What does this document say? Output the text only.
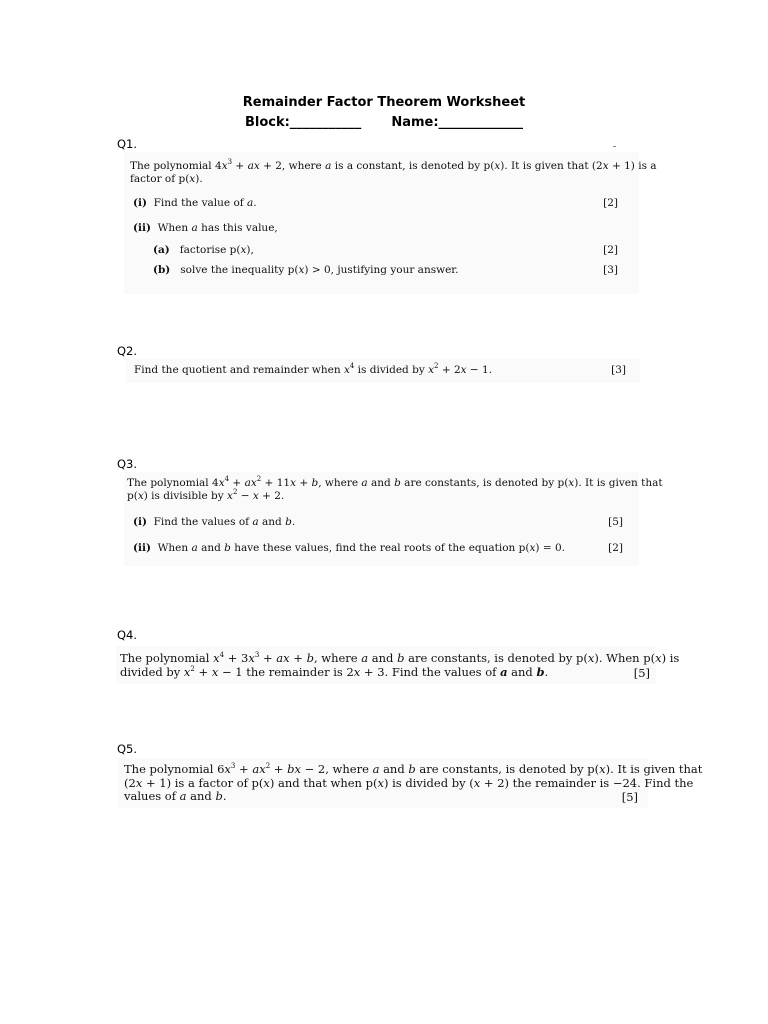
Remainder Factor Theorem Worksheet
Block:___________ Name:_____________
Q1.
The polynomial $4x^3$ + ax + 2, where a is a constant, is denoted by p(x). It is given that (2x + 1) is a
factor of p(x).
(i)  Find the value of a.	[2]
(ii)  When a has this value,
(a)   factorise p(x),	[2]
(b)   solve the inequality p(x) > 0, justifying your answer.	[3]
Q2.
Find the quotient and remainder when $x^4$ is divided by $x^2 + 2x - 1$.	[3]
Q3.
The polynomial $4x^4 + ax^2 + 11x + b$, where a and b are constants, is denoted by p(x). It is given that
p(x) is divisible by $x^2 - x + 2$.
(i)  Find the values of a and b.	[5]
(ii)  When a and b have these values, find the real roots of the equation p(x) = 0.	[2]
Q4.
The polynomial $x^4 + 3x^3$ + ax + b, where a and b are constants, is denoted by p(x). When p(x) is
divided by $x^2 + x - 1$ the remainder is 2x + 3. Find the values of a and b.	[5]
Q5.
The polynomial $6x^3 + ax^2$ + bx − 2, where a and b are constants, is denoted by p(x). It is given that
(2x + 1) is a factor of p(x) and that when p(x) is divided by (x + 2) the remainder is −24. Find the
values of a and b.	[5]
